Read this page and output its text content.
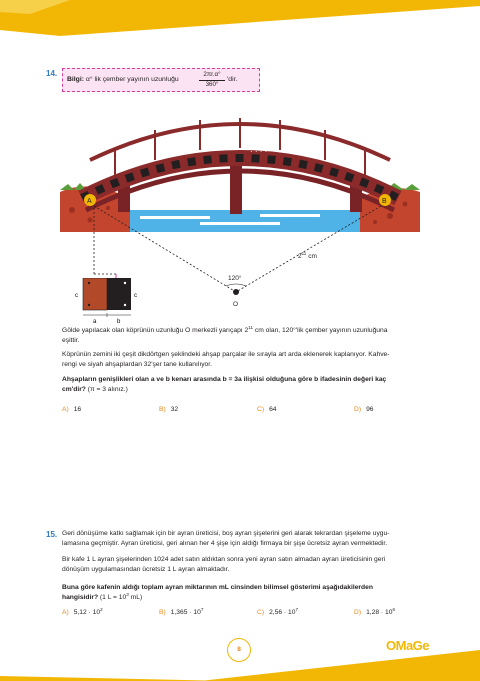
14.
Bilgi: α° lik çember yayının uzunluğu
2πr.α°
360°
'dir.
· · · ·
A	B
120°
O
$2^{11}$ cm
c	c
a	b

Gölde yapılacak olan köprünün uzunluğu O merkezli yarıçapı $2^{11}$ cm olan, 120°'lik çember yayının uzunluğuna
eşittir.

Köprünün zemini iki çeşit dikdörtgen şeklindeki ahşap parçalar ile sırayla art arda eklenerek kaplanıyor. Kahve-
rengi ve siyah ahşaplardan 32'şer tane kullanılıyor.

Ahşapların genişlikleri olan a ve b kenarı arasında b = 3a ilişkisi olduğuna göre b ifadesinin değeri kaç
cm'dir? (π = 3 alınız.)

A) 16	B) 32	C) 64	D) 96
15. Geri dönüşüme katkı sağlamak için bir ayran üreticisi, boş ayran şişelerini geri alarak tekrardan şişeleme uygu-
lamasına geçmiştir. Ayran üreticisi, geri alınan her 4 şişe için aldığı firmaya bir şişe ücretsiz ayran vermektedir.

Bir kafe 1 L ayran şişelerinden 1024 adet satın aldıktan sonra yeni ayran satın almadan ayran üreticisinin geri
dönüşüm uygulamasından ücretsiz 1 L ayran almaktadır.

Buna göre kafenin aldığı toplam ayran miktarının mL cinsinden bilimsel gösterimi aşağıdakilerden
hangisidir? (1 $L = 10^3$ mL)

A) $5,12 \cdot 10^2$	B) $1,365 \cdot 10^7$	C) $2,56 \cdot 10^7$	D) $1,28 \cdot 10^6$
8	OMaGe
